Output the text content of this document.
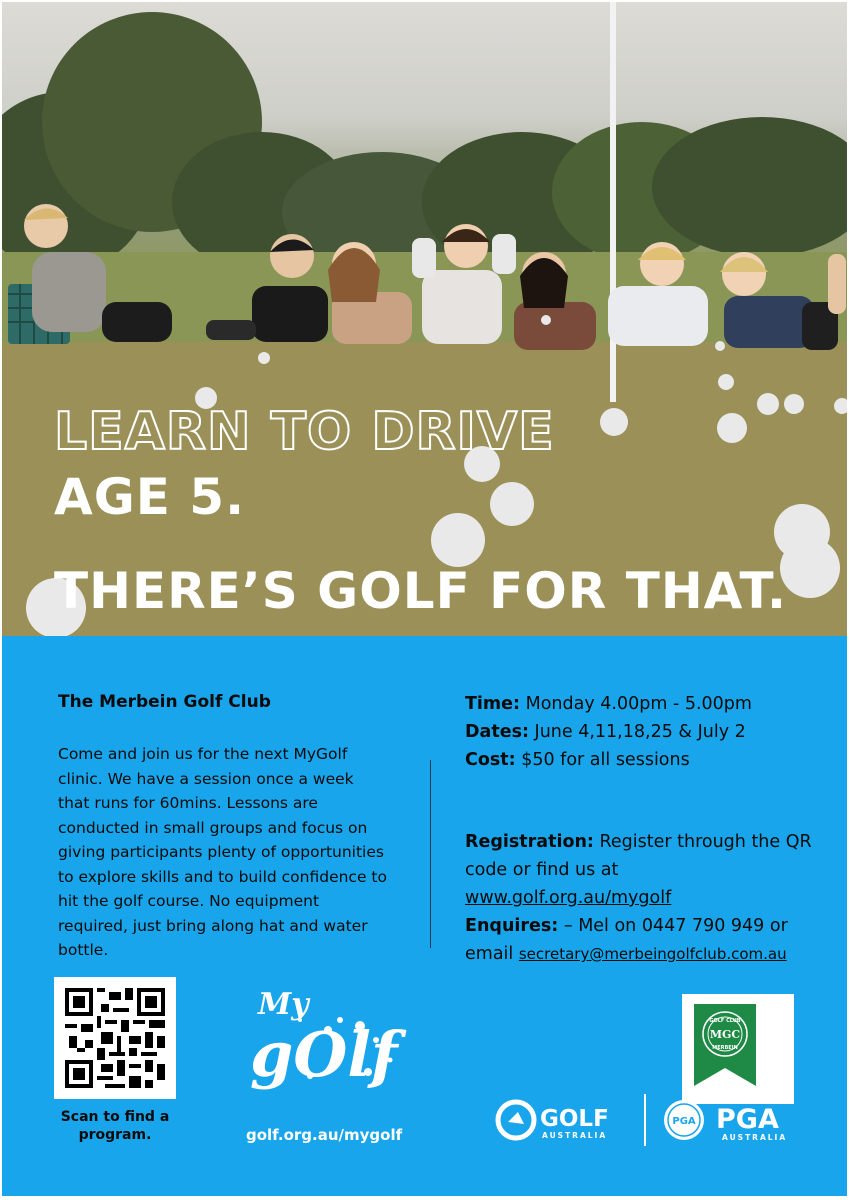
LEARN TO DRIVE

AGE 5.

THERE’S GOLF FOR THAT.

The Merbein Golf Club

Come and join us for the next MyGolf clinic. We have a session once a week that runs for 60mins. Lessons are conducted in small groups and focus on giving participants plenty of opportunities to explore skills and to build confidence to hit the golf course. No equipment required, just bring along hat and water bottle.

Time: Monday 4.00pm - 5.00pm

Dates: June 4,11,18,25 & July 2

Cost: $50 for all sessions

Registration: Register through the QR code or find us at

www.golf.org.au/mygolf

Enquires: – Mel on 0447 790 949 or email secretary@merbeingolfclub.com.au

Scan to find a program.

My
gOlf

golf.org.au/mygolf

GOLF CLUB
MGC
MERBEIN
GOLF
AUSTRALIA
PGA PGA
AUSTRALIA
